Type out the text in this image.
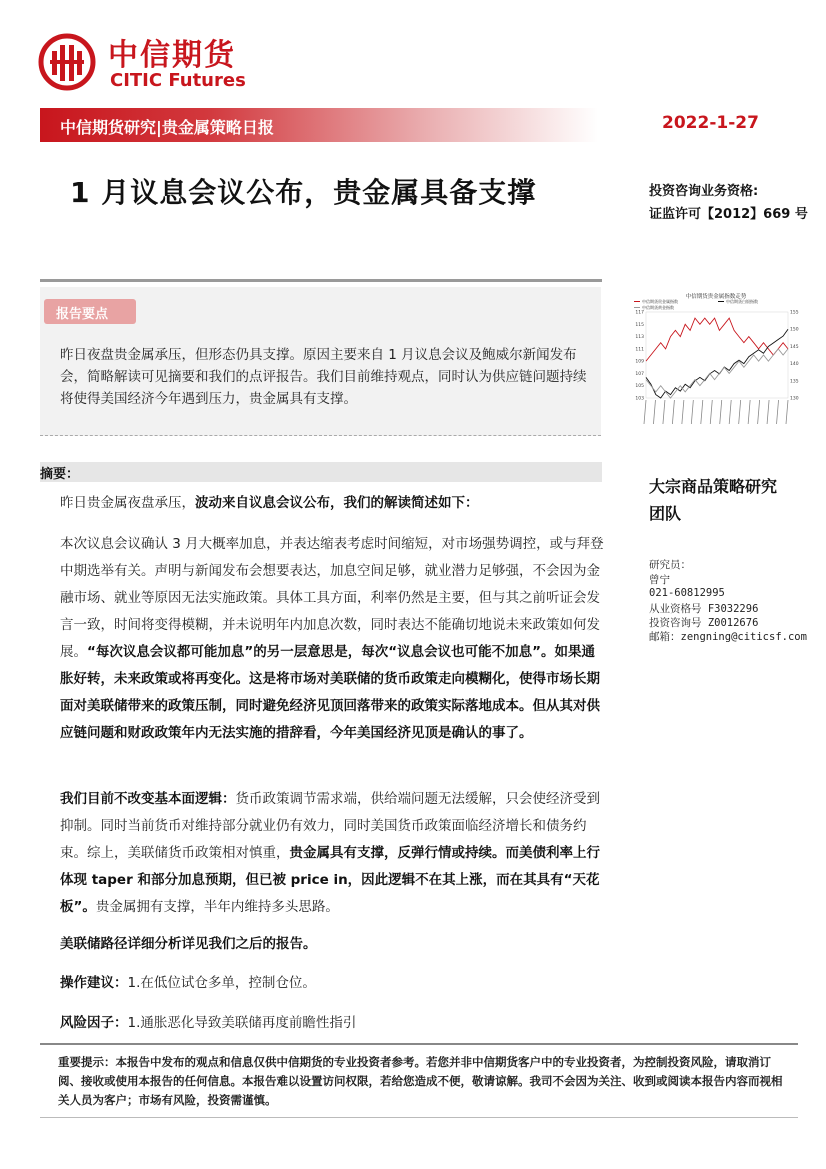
中信期货
CITIC Futures
中信期货研究|贵金属策略日报	2022-1-27
1 月议息会议公布，贵金属具备支撑	投资咨询业务资格:
证监许可【2012】669 号
报告要点
昨日夜盘贵金属承压，但形态仍具支撑。原因主要来自 1 月议息会议及鲍威尔新闻发布会，简略解读可见摘要和我们的点评报告。我们目前维持观点，同时认为供应链问题持续将使得美国经济今年遇到压力，贵金属具有支撑。
中信期货贵金属指数走势
中信期货贵金属指数	中信期货白银指数
中信期货黄金指数
117
115
113
111
109
107
105
103
155
150
145
140
135
130
摘要：

昨日贵金属夜盘承压，波动来自议息会议公布，我们的解读简述如下：

本次议息会议确认 3 月大概率加息，并表达缩表考虑时间缩短，对市场强势调控，或与拜登中期选举有关。声明与新闻发布会想要表达，加息空间足够，就业潜力足够强，不会因为金融市场、就业等原因无法实施政策。具体工具方面，利率仍然是主要，但与其之前听证会发言一致，时间将变得模糊，并未说明年内加息次数，同时表达不能确切地说未来政策如何发展。“每次议息会议都可能加息”的另一层意思是，每次“议息会议也可能不加息”。如果通胀好转，未来政策或将再变化。这是将市场对美联储的货币政策走向模糊化，使得市场长期面对美联储带来的政策压制，同时避免经济见顶回落带来的政策实际落地成本。但从其对供应链问题和财政政策年内无法实施的措辞看，今年美国经济见顶是确认的事了。

我们目前不改变基本面逻辑：货币政策调节需求端，供给端问题无法缓解，只会使经济受到抑制。同时当前货币对维持部分就业仍有效力，同时美国货币政策面临经济增长和债务约束。综上，美联储货币政策相对慎重，贵金属具有支撑，反弹行情或持续。而美债利率上行体现 taper 和部分加息预期，但已被 price in，因此逻辑不在其上涨，而在其具有“天花板”。贵金属拥有支撑，半年内维持多头思路。

美联储路径详细分析详见我们之后的报告。

操作建议：1.在低位试仓多单，控制仓位。

风险因子：1.通胀恶化导致美联储再度前瞻性指引

大宗商品策略研究
团队
研究员：
曾宁
021-60812995
从业资格号 F3032296
投资咨询号 Z0012676
邮箱：zengning@citicsf.com
重要提示：本报告中发布的观点和信息仅供中信期货的专业投资者参考。若您并非中信期货客户中的专业投资者，为控制投资风险，请取消订阅、接收或使用本报告的任何信息。本报告难以设置访问权限，若给您造成不便，敬请谅解。我司不会因为关注、收到或阅读本报告内容而视相关人员为客户；市场有风险，投资需谨慎。
